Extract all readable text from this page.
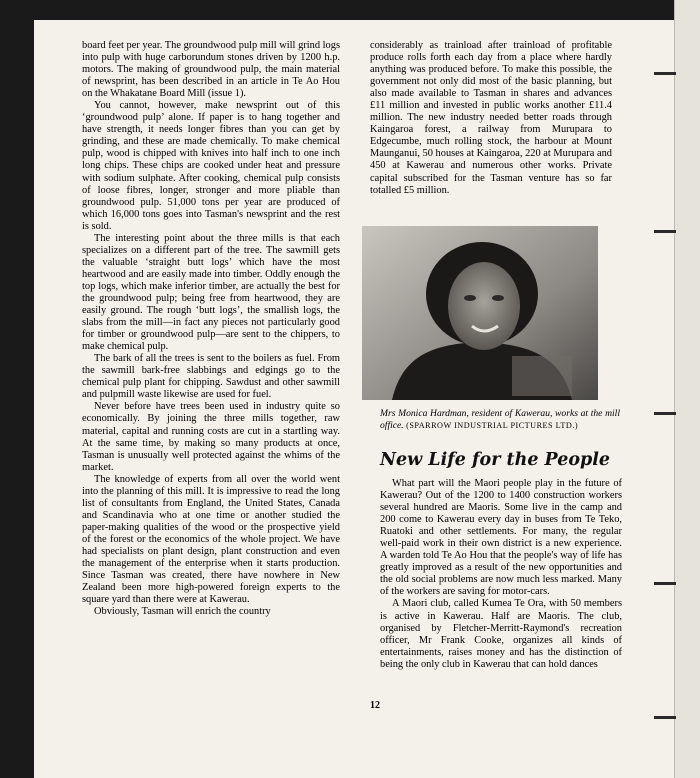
board feet per year. The groundwood pulp mill will grind logs into pulp with huge carborundum stones driven by 1200 h.p. motors. The making of groundwood pulp, the main material of newsprint, has been described in an article in Te Ao Hou on the Whakatane Board Mill (issue 1).

You cannot, however, make newsprint out of this ‘groundwood pulp’ alone. If paper is to hang together and have strength, it needs longer fibres than you can get by grinding, and these are made chemically. To make chemical pulp, wood is chipped with knives into half inch to one inch long chips. These chips are cooked under heat and pressure with sodium sulphate. After cooking, chemical pulp consists of loose fibres, longer, stronger and more pliable than groundwood pulp. 51,000 tons per year are produced of which 16,000 tons goes into Tasman's newsprint and the rest is sold.

The interesting point about the three mills is that each specializes on a different part of the tree. The sawmill gets the valuable ‘straight butt logs’ which have the most heartwood and are easily made into timber. Oddly enough the top logs, which make inferior timber, are actually the best for the groundwood pulp; being free from heartwood, they are easily ground. The rough ‘butt logs’, the smallish logs, the slabs from the mill—in fact any pieces not particularly good for timber or groundwood pulp—are sent to the chippers, to make chemical pulp.

The bark of all the trees is sent to the boilers as fuel. From the sawmill bark-free slabbings and edgings go to the chemical pulp plant for chipping. Sawdust and other sawmill and pulpmill waste likewise are used for fuel.

Never before have trees been used in industry quite so economically. By joining the three mills together, raw material, capital and running costs are cut in a startling way. At the same time, by making so many products at once, Tasman is unusually well protected against the whims of the market.

The knowledge of experts from all over the world went into the planning of this mill. It is impressive to read the long list of consultants from England, the United States, Canada and Scandinavia who at one time or another studied the paper-making qualities of the wood or the prospective yield of the forest or the economics of the whole project. We have had specialists on plant design, plant construction and even the management of the enterprise when it starts production. Since Tasman was created, there have nowhere in New Zealand been more high-powered foreign experts to the square yard than there were at Kawerau.

Obviously, Tasman will enrich the country

considerably as trainload after trainload of profitable produce rolls forth each day from a place where hardly anything was produced before. To make this possible, the government not only did most of the basic planning, but also made available to Tasman in shares and advances £11 million and invested in public works another £11.4 million. The new industry needed better roads through Kaingaroa forest, a railway from Murupara to Edgecumbe, much rolling stock, the harbour at Mount Maunganui, 50 houses at Kaingaroa, 220 at Murupara and 450 at Kawerau and numerous other works. Private capital subscribed for the Tasman venture has so far totalled £5 million.

Mrs Monica Hardman, resident of Kawerau, works at the mill office. (SPARROW INDUSTRIAL PICTURES LTD.)
New Life for the People

What part will the Maori people play in the future of Kawerau? Out of the 1200 to 1400 construction workers several hundred are Maoris. Some live in the camp and 200 come to Kawerau every day in buses from Te Teko, Ruatoki and other settlements. For many, the regular well-paid work in their own district is a new experience. A warden told Te Ao Hou that the people's way of life has greatly improved as a result of the new opportunities and the old social problems are now much less marked. Many of the workers are saving for motor-cars.

A Maori club, called Kumea Te Ora, with 50 members is active in Kawerau. Half are Maoris. The club, organised by Fletcher-Merritt-Raymond's recreation officer, Mr Frank Cooke, organizes all kinds of entertainments, raises money and has the distinction of being the only club in Kawerau that can hold dances

12
